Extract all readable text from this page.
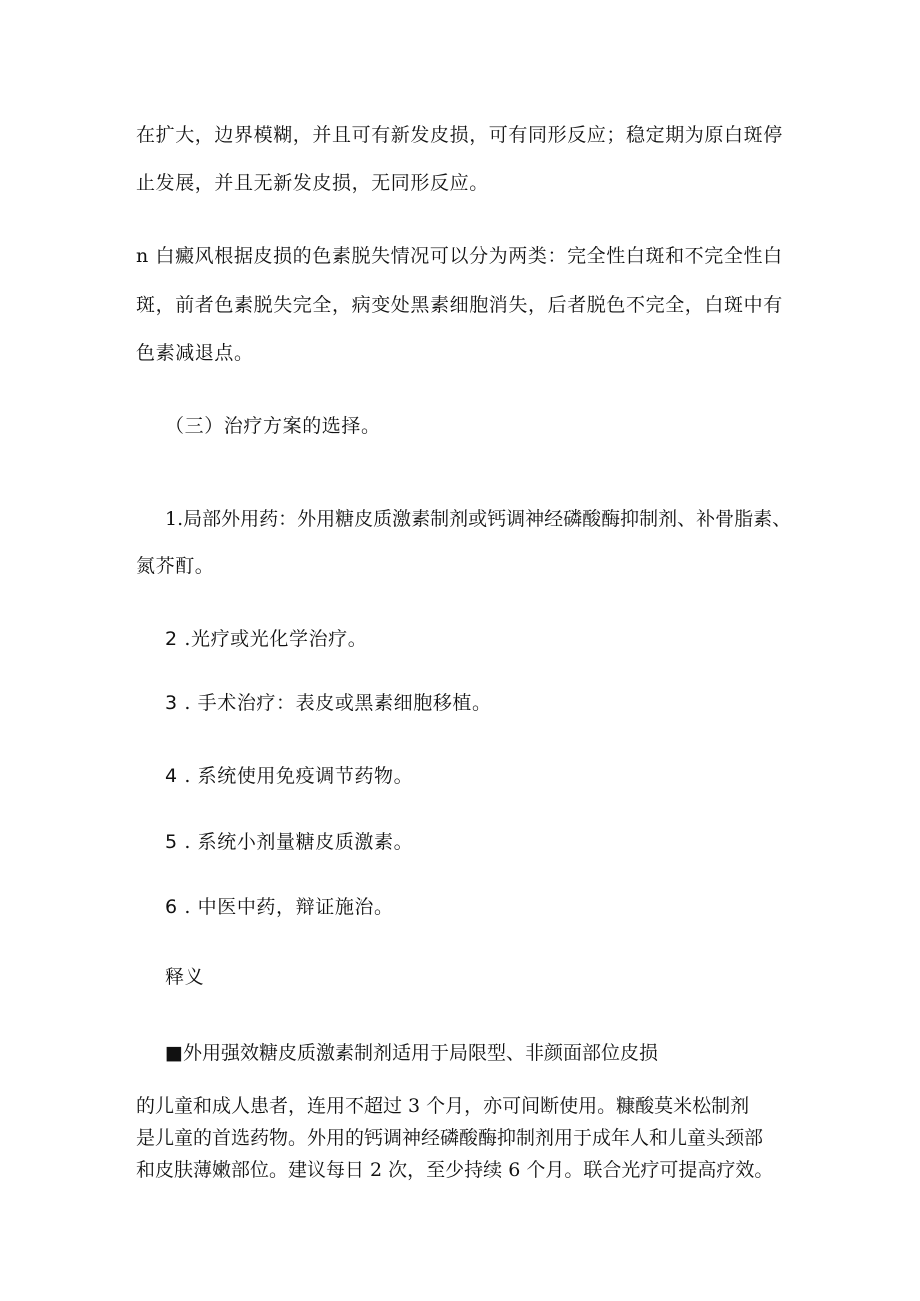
在扩大，边界模糊，并且可有新发皮损，可有同形反应；稳定期为原白斑停
止发展，并且无新发皮损，无同形反应。
n 白癜风根据皮损的色素脱失情况可以分为两类：完全性白斑和不完全性白
斑，前者色素脱失完全，病变处黑素细胞消失，后者脱色不完全，白斑中有
色素减退点。
（三）治疗方案的选择。
1.局部外用药：外用糖皮质激素制剂或钙调神经磷酸酶抑制剂、补骨脂素、
氮芥酊。
2 .光疗或光化学治疗。
3 . 手术治疗：表皮或黑素细胞移植。
4 . 系统使用免疫调节药物。
5 . 系统小剂量糖皮质激素。
6 . 中医中药，辩证施治。
释义
■外用强效糖皮质激素制剂适用于局限型、非颜面部位皮损
的儿童和成人患者，连用不超过 3 个月，亦可间断使用。糠酸莫米松制剂
是儿童的首选药物。外用的钙调神经磷酸酶抑制剂用于成年人和儿童头颈部
和皮肤薄嫩部位。建议每日 2 次，至少持续 6 个月。联合光疗可提高疗效。
